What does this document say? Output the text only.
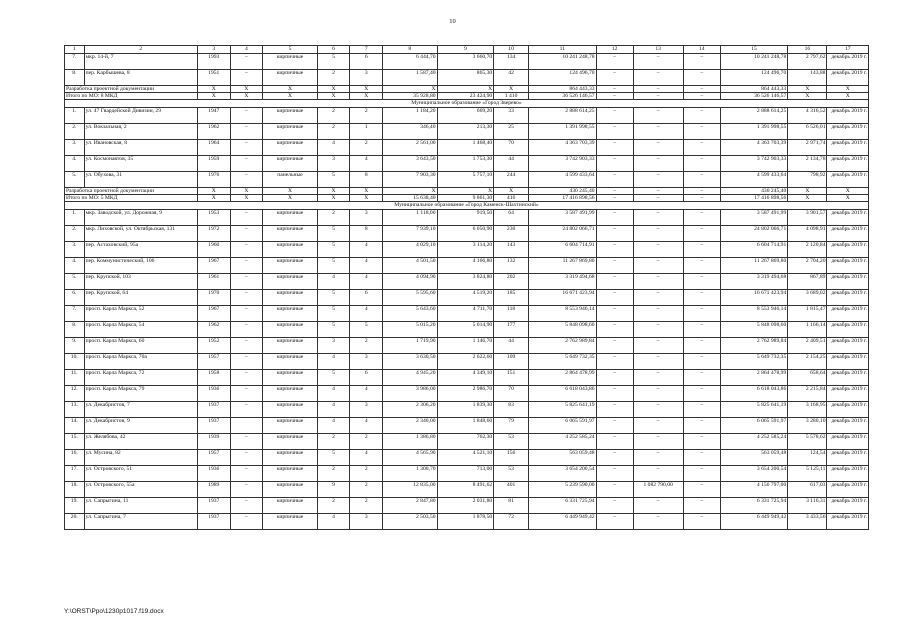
10
1	2	3	4	5	6	7	8	9	10	11	12	13	14	15	16	17
7.	мкр. 14-й, 7	1993	–	кирпичные	5	6	6 444,70	3 660,70	134	10 241 248,78	–	–	–	10 241 248,78	2 797,62	декабрь 2019 г.
8.	пер. Карбышева, 8	1951	–	кирпичные	2	3	1 587,40	865,30	42	124 496,70	–	–	–	124 496,70	143,88	декабрь 2019 г.
Разработка проектной документации		X	X	X	X	X	X	X	X	864 443,33	–	–	–	864 443,33	X	X
Итого по МО: 8 МКД		X	X	X	X	X	35 928,80	23 424,90	1 410	36 526 146,57	–	–	–	36 526 146,57	X	X
Муниципальное образование «Город Зверево»																
1.	ул. 47 Гвардейской Дивизии, 29	1947	–	кирпичные	2	2	1 184,20	669,20	33	2 888 614,25	–	–	–	2 888 614,25	4 316,52	декабрь 2019 г.
2.	ул. Вокзальная, 2	1962	–	кирпичные	2	1	346,40	213,30	25	1 391 998,55	–	–	–	1 391 998,55	6 526,01	декабрь 2019 г.
3.	ул. Ивановская, 8	1964	–	кирпичные	4	2	2 561,00	1 468,40	70	4 363 703,39	–	–	–	4 363 703,39	2 971,74	декабрь 2019 г.
4.	ул. Космонавтов, 35	1959	–	кирпичные	3	4	3 643,50	1 753,30	44	3 742 903,33	–	–	–	3 742 903,33	2 134,78	декабрь 2019 г.
5.	ул. Обухова, 31	1976	–	панельные	5	8	7 903,30	5 757,10	244	4 599 433,64	–	–	–	4 599 433,64	798,92	декабрь 2019 г.
Разработка проектной документации		X	X	X	X	X	X	X	X	430 245,40	–	–	–	430 245,40	X	X
Итого по МО: 5 МКД		X	X	X	X	X	15 638,40	9 861,30	416	17 416 898,56	–	–	–	17 416 898,56	X	X
Муниципальное образование «Город Каменск-Шахтинский»																
1.	мкр. Заводской, ул. Дорожная, 9	1953	–	кирпичные	2	3	1 118,00	919,50	64	3 587 491,99	–	–	–	3 587 491,99	3 901,57	декабрь 2019 г.
2.	мкр. Лиховской, ул. Октябрьская, 131	1972	–	кирпичные	5	8	7 939,10	6 050,90	230	24 802 066,71	–	–	–	24 802 066,71	4 098,91	декабрь 2019 г.
3.	пер. Астаховский, 95а	1960	–	кирпичные	5	4	4 029,10	3 114,20	143	6 604 714,91	–	–	–	6 604 714,91	2 120,84	декабрь 2019 г.
4.	пер. Коммунистический, 106	1967	–	кирпичные	5	4	4 501,50	4 166,80	132	11 267 869,80	–	–	–	11 267 869,80	2 704,20	декабрь 2019 г.
5.	пер. Крупской, 103	1961	–	кирпичные	4	4	4 094,90	3 824,80	202	3 319 494,68	–	–	–	3 319 494,68	867,89	декабрь 2019 г.
6.	пер. Крупской, 64	1970	–	кирпичные	5	6	5 595,60	4 519,20	185	16 671 423,94	–	–	–	16 671 423,94	3 689,02	декабрь 2019 г.
7.	просп. Карла Маркса, 52	1967	–	кирпичные	5	4	5 643,60	4 711,70	118	8 553 946,14	–	–	–	8 553 946,14	1 815,47	декабрь 2019 г.
8.	просп. Карла Маркса, 54	1962	–	кирпичные	5	5	5 015,20	5 014,90	177	5 848 098,60	–	–	–	5 848 098,60	1 166,14	декабрь 2019 г.
9.	просп. Карла Маркса, 60	1952	–	кирпичные	3	2	1 719,90	1 146,70	44	2 762 989,84	–	–	–	2 762 989,84	2 409,51	декабрь 2019 г.
10.	просп. Карла Маркса, 70а	1957	–	кирпичные	4	3	3 630,50	2 622,60	109	5 649 732,35	–	–	–	5 649 732,35	2 154,25	декабрь 2019 г.
11.	просп. Карла Маркса, 72	1958	–	кирпичные	5	6	4 945,20	4 349,10	151	2 864 478,99	–	–	–	2 864 478,99	658,64	декабрь 2019 г.
12.	просп. Карла Маркса, 79	1936	–	кирпичные	4	4	3 986,00	2 986,70	70	6 618 043,86	–	–	–	6 618 043,86	2 215,84	декабрь 2019 г.
13.	ул. Декабристов, 7	1937	–	кирпичные	4	3	2 306,20	1 839,30	83	5 825 641,19	–	–	–	5 825 641,19	3 168,95	декабрь 2019 г.
14.	ул. Декабристов, 9	1937		кирпичные	4	4	2 340,00	1 848,60	79	6 065 591,97	–	–	–	6 065 591,97	3 280,10	декабрь 2019 г.
15.	ул. Желябова, 42	1939	–	кирпичные	2	2	1 386,80	762,30	53	4 252 585,24	–	–	–	4 252 585,24	5 578,62	декабрь 2019 г.
16.	ул. Мусина, 82	1957	–	кирпичные	5	4	4 565,90	4 521,10	156	563 059,48	–	–	–	563 059,48	124,54	декабрь 2019 г.
17.	ул. Островского, 51	1936	–	кирпичные	2	2	1 300,70	713,00	53	3 654 200,54	–	–	–	3 654 200,54	5 125,11	декабрь 2019 г.
18.	ул. Островского, 55а	1989	–	кирпичные	9	2	12 835,00	8 491,62	401	5 239 590,00	–	1 082 790,00	–	4 156 797,00	617,03	декабрь 2019 г.
19.	ул. Сапрыгина, 11	1937	–	кирпичные	2	2	2 847,80	2 031,80	81	6 331 725,94	–	–	–	6 331 725,94	3 116,31	декабрь 2019 г.
20.	ул. Сапрыгина, 7	1937	–	кирпичные	4	3	2 503,50	1 878,50	72	6 449 949,42	–	–	–	6 449 949,42	3 433,56	декабрь 2019 г.
Y:\ORST\Ppo\1230p1017.f19.docx
